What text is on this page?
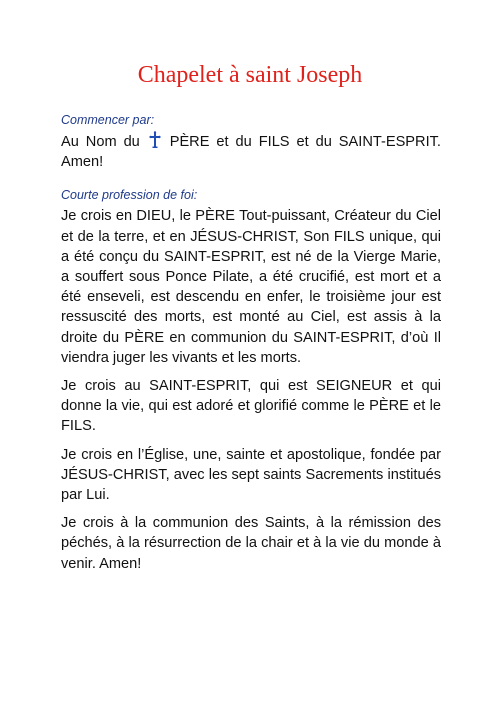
Chapelet à saint Joseph

Commencer par:

Au Nom du PÈRE et du FILS et du SAINT-ESPRIT. Amen!

Courte profession de foi:

Je crois en DIEU, le PÈRE Tout-puissant, Créateur du Ciel et de la terre, et en JÉSUS-CHRIST, Son FILS unique, qui a été conçu du SAINT-ESPRIT, est né de la Vierge Marie, a souffert sous Ponce Pilate, a été crucifié, est mort et a été enseveli, est descendu en enfer, le troisième jour est ressuscité des morts, est monté au Ciel, est assis à la droite du PÈRE en communion du SAINT-ESPRIT, d’où Il viendra juger les vivants et les morts.

Je crois au SAINT-ESPRIT, qui est SEIGNEUR et qui donne la vie, qui est adoré et glorifié comme le PÈRE et le FILS.

Je crois en l’Église, une, sainte et apostolique, fondée par JÉSUS-CHRIST, avec les sept saints Sacrements institués par Lui.

Je crois à la communion des Saints, à la rémission des péchés, à la résurrection de la chair et à la vie du monde à venir. Amen!
